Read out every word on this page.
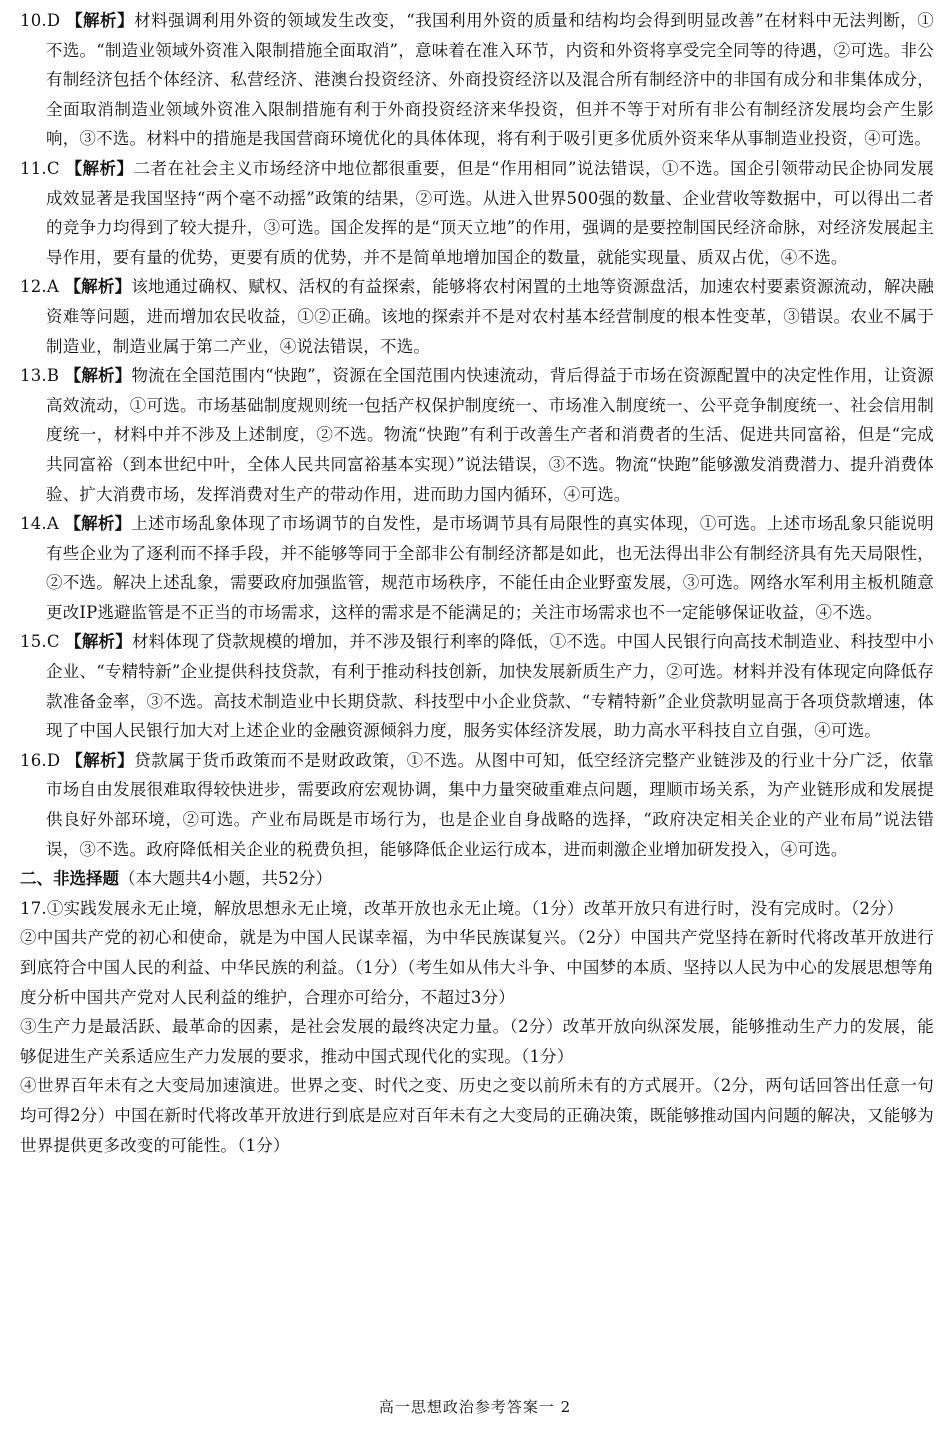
10.D 【解析】材料强调利用外资的领域发生改变，“我国利用外资的质量和结构均会得到明显改善”在材料中无法判断，①不选。“制造业领域外资准入限制措施全面取消”，意味着在准入环节，内资和外资将享受完全同等的待遇，②可选。非公有制经济包括个体经济、私营经济、港澳台投资经济、外商投资经济以及混合所有制经济中的非国有成分和非集体成分，全面取消制造业领域外资准入限制措施有利于外商投资经济来华投资，但并不等于对所有非公有制经济发展均会产生影响，③不选。材料中的措施是我国营商环境优化的具体体现，将有利于吸引更多优质外资来华从事制造业投资，④可选。

11.C 【解析】二者在社会主义市场经济中地位都很重要，但是“作用相同”说法错误，①不选。国企引领带动民企协同发展成效显著是我国坚持“两个毫不动摇”政策的结果，②可选。从进入世界500强的数量、企业营收等数据中，可以得出二者的竞争力均得到了较大提升，③可选。国企发挥的是“顶天立地”的作用，强调的是要控制国民经济命脉，对经济发展起主导作用，要有量的优势，更要有质的优势，并不是简单地增加国企的数量，就能实现量、质双占优，④不选。

12.A 【解析】该地通过确权、赋权、活权的有益探索，能够将农村闲置的土地等资源盘活，加速农村要素资源流动，解决融资难等问题，进而增加农民收益，①②正确。该地的探索并不是对农村基本经营制度的根本性变革，③错误。农业不属于制造业，制造业属于第二产业，④说法错误，不选。

13.B 【解析】物流在全国范围内“快跑”，资源在全国范围内快速流动，背后得益于市场在资源配置中的决定性作用，让资源高效流动，①可选。市场基础制度规则统一包括产权保护制度统一、市场准入制度统一、公平竞争制度统一、社会信用制度统一，材料中并不涉及上述制度，②不选。物流“快跑”有利于改善生产者和消费者的生活、促进共同富裕，但是“完成共同富裕（到本世纪中叶，全体人民共同富裕基本实现）”说法错误，③不选。物流“快跑”能够激发消费潜力、提升消费体验、扩大消费市场，发挥消费对生产的带动作用，进而助力国内循环，④可选。

14.A 【解析】上述市场乱象体现了市场调节的自发性，是市场调节具有局限性的真实体现，①可选。上述市场乱象只能说明有些企业为了逐利而不择手段，并不能够等同于全部非公有制经济都是如此，也无法得出非公有制经济具有先天局限性，②不选。解决上述乱象，需要政府加强监管，规范市场秩序，不能任由企业野蛮发展，③可选。网络水军利用主板机随意更改IP逃避监管是不正当的市场需求，这样的需求是不能满足的；关注市场需求也不一定能够保证收益，④不选。

15.C 【解析】材料体现了贷款规模的增加，并不涉及银行利率的降低，①不选。中国人民银行向高技术制造业、科技型中小企业、“专精特新”企业提供科技贷款，有利于推动科技创新，加快发展新质生产力，②可选。材料并没有体现定向降低存款准备金率，③不选。高技术制造业中长期贷款、科技型中小企业贷款、“专精特新”企业贷款明显高于各项贷款增速，体现了中国人民银行加大对上述企业的金融资源倾斜力度，服务实体经济发展，助力高水平科技自立自强，④可选。

16.D 【解析】贷款属于货币政策而不是财政政策，①不选。从图中可知，低空经济完整产业链涉及的行业十分广泛，依靠市场自由发展很难取得较快进步，需要政府宏观协调，集中力量突破重难点问题，理顺市场关系，为产业链形成和发展提供良好外部环境，②可选。产业布局既是市场行为，也是企业自身战略的选择，“政府决定相关企业的产业布局”说法错误，③不选。政府降低相关企业的税费负担，能够降低企业运行成本，进而刺激企业增加研发投入，④可选。

二、非选择题（本大题共4小题，共52分）

17.①实践发展永无止境，解放思想永无止境，改革开放也永无止境。（1分）改革开放只有进行时，没有完成时。（2分）

②中国共产党的初心和使命，就是为中国人民谋幸福，为中华民族谋复兴。（2分）中国共产党坚持在新时代将改革开放进行到底符合中国人民的利益、中华民族的利益。（1分）（考生如从伟大斗争、中国梦的本质、坚持以人民为中心的发展思想等角度分析中国共产党对人民利益的维护，合理亦可给分，不超过3分）

③生产力是最活跃、最革命的因素，是社会发展的最终决定力量。（2分）改革开放向纵深发展，能够推动生产力的发展，能够促进生产关系适应生产力发展的要求，推动中国式现代化的实现。（1分）

④世界百年未有之大变局加速演进。世界之变、时代之变、历史之变以前所未有的方式展开。（2分，两句话回答出任意一句均可得2分）中国在新时代将改革开放进行到底是应对百年未有之大变局的正确决策，既能够推动国内问题的解决，又能够为世界提供更多改变的可能性。（1分）

高一思想政治参考答案一 2
